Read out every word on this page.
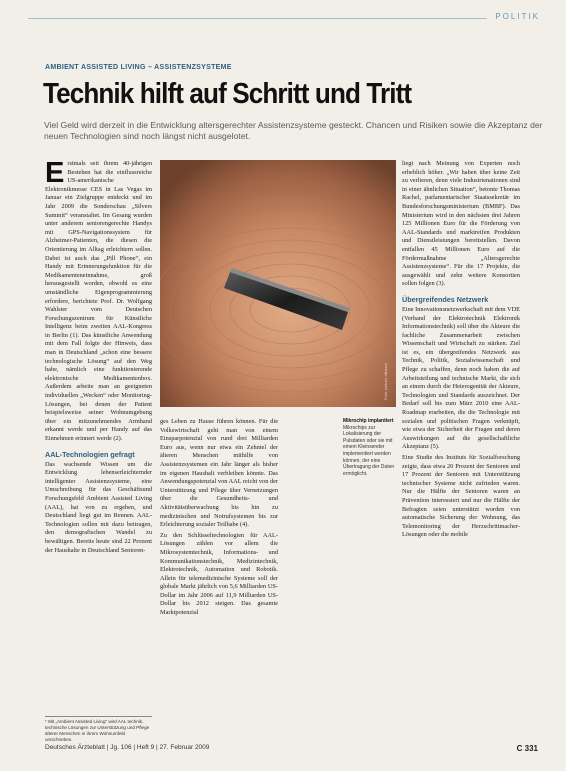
POLITIK
AMBIENT ASSISTED LIVING – ASSISTENZSYSTEME
Technik hilft auf Schritt und Tritt
Viel Geld wird derzeit in die Entwicklung altersgerechter Assistenzsysteme gesteckt. Chancen und Risiken sowie die Akzeptanz der neuen Technologien sind noch längst nicht ausgelotet.
E rstmals seit ihrem 40-jährigen Bestehen hat die einflussreiche US-amerikanische Elektronikmesse CES in Las Vegas im Januar ein Zielgruppe entdeckt und im Jahr 2009 die Sonderschau „Silvers Summit“ veranstaltet. Im Gesang wurden unter anderem seniorengerechte Handys mit GPS-Navigationssystem für Alzheimer-Patienten, die diesen die Orientierung im Alltag erleichtern sollen. Dabei ist auch das „Pill Phone“, ein Handy mit Erinnerungsfunktion für die Medikamenteneinnahme, groß herausgestellt worden, obwohl es eine umständliche Eigenprogrammierung erfordere, berichtete Prof. Dr. Wolfgang Wahlster vom Deutschen Forschungszentrum für Künstliche Intelligenz beim zweiten AAL-Kongress in Berlin (1). Das künstliche Anwendung mit dem Fall folgte der Hinweis, dass man in Deutschland „schon eine bessere technologische Lösung“ auf den Weg habe, nämlich eine funktionierende elektronische Medikamentenbox. Außerdem arbeite man an geeigneten individuellen „Wecken“ oder Monitoring-Lösungen, bei denen der Patient beispielsweise seiner Wohnumgebung über ein mitzunehmendes Armband erkannt werde und per Handy auf das Einnehmen erinnert werde (2).

AAL-Technologien gefragt

Das wachsende Wissen um die Entwicklung lebenserleichternder intelligenter Assistenzsysteme, eine Umschreibung für das Geschäftsund Forschungsfeld Ambient Assisted Living (AAL), hat von zu ergeben, und Deutschland liegt gut im Rennen. AAL-Technologien sollen mit dazu beitragen, den demografischen Wandel zu bewältigen. Bereits heute sind 22 Prozent der Haushalte in Deutschland Senioren-

* Mit „Ambient Assisted Living“ wird AAL technik, technische Lösungen zur Unterstützung und Pflege älterer Menschen in ihrem Wohnumfeld umschrieben.
Foto: picture alliance

ges Leben zu Hause führen können. Für die Volkswirtschaft geht man von einem Einsparpotenzial von rund drei Milliarden Euro aus, wenn nur etwa ein Zehntel der älteren Menschen mithilfe von Assistenzsystemen ein Jahr länger als bisher im eigenen Haushalt verbleiben könnte. Das Anwendungspotenzial von AAL reicht von der Unterstützung und Pflege über Vernetzungen über die Gesundheits- und Aktivitätsüberwachung bis hin zu medizinischen und Notrufsystemen bis zur Erleichterung sozialer Teilhabe (4).

Zu den Schlüsseltechnologien für AAL-Lösungen zählen vor allem die Mikrosystemtechnik, Informations- und Kommunikationstechnik, Medizintechnik, Elektrotechnik, Automation und Robotik. Allein für telemedizinische Systeme soll der globale Markt jährlich von 5,6 Milliarden US-Dollar im Jahr 2006 auf 11,9 Milliarden US-Dollar bis 2012 steigen. Das gesamte Marktpotenzial

Mikrochip implantiert Mikrochips zur Lokalisierung der Pulsdaten oder sie mit einem Kleinsender implementiert werden können, der eine Übertragung der Daten ermöglicht.

liegt nach Meinung von Experten noch erheblich höher. „Wir haben über keine Zeit zu verlieren, denn viele Industrienationen sind in einer ähnlichen Situation“, betonte Thomas Rachel, parlamentarischer Staatssekretär im Bundesforschungsministerium (BMBF). Das Ministerium wird in den nächsten drei Jahren 125 Millionen Euro für die Förderung von AAL-Standards und marktreifen Produkten und Dienstleistungen bereitstellen. Davon entfallen 45 Millionen Euro auf die Fördermaßnahme „Altersgerechte Assistenzsysteme“. Für die 17 Projekte, die ausgewählt und zehn weitere Konsortien sollen folgen (3).

Übergreifendes Netzwerk

Eine Innovationsnetzwerkschaft mit dem VDE (Verband der Elektrotechnik Elektronik Informationstechnik) soll über die Akteure die fachliche Zusammenarbeit zwischen Wissenschaft und Wirtschaft zu stärken. Ziel ist es, ein übergreifendes Netzwerk aus Technik, Politik, Sozialwissenschaft und Pflege zu schaffen, denn noch haben die auf Arbeitsteilung und technische Markt, die sich an einem durch die Heterogenität der Akteure, Technologien und Standards auszeichnet. Der Bedarf soll bis zum März 2010 eine AAL-Roadmap erarbeiten, die die Technologie mit sozialen und politischen Fragen verknüpft, wie etwa der Sicherheit der Fragen und deren Auswirkungen auf die gesellschaftliche Akzeptanz (5).

Eine Studie des Instituts für Sozialforschung zeigte, dass etwa 20 Prozent der Senioren und 17 Prozent der Senioren mit Unterstützung technischer Systeme nicht zufrieden waren. Nur die Hälfte der Senioren waren an Prävention interessiert und nur die Hälfte der Befragten seien unterstützt worden von automatische Sicherung der Wohnung, das Telemonitoring der Herzschrittmacher-Lösungen oder die mobile

Deutsches Ärzteblatt | Jg. 106 | Heft 9 | 27. Februar 2009	C 331
